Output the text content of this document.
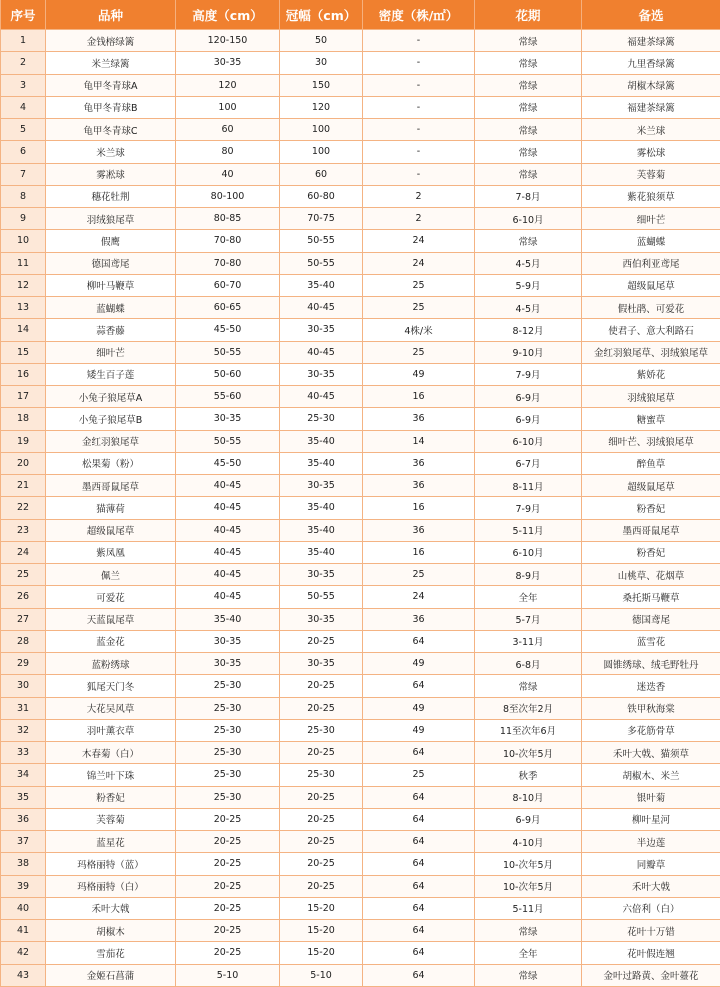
序号	品种	高度（cm）	冠幅（cm）	密度（株/㎡）	花期	备选
1	金钱榕绿篱	120-150	50	-	常绿	福建茶绿篱
2	米兰绿篱	30-35	30	-	常绿	九里香绿篱
3	龟甲冬青球A	120	150	-	常绿	胡椒木绿篱
4	龟甲冬青球B	100	120	-	常绿	福建茶绿篱
5	龟甲冬青球C	60	100	-	常绿	米兰球
6	米兰球	80	100	-	常绿	雾松球
7	雾凇球	40	60	-	常绿	芙蓉菊
8	穗花牡荆	80-100	60-80	2	7-8月	紫花狼须草
9	羽绒狼尾草	80-85	70-75	2	6-10月	细叶芒
10	假鹰	70-80	50-55	24	常绿	蓝蝴蝶
11	德国鸢尾	70-80	50-55	24	4-5月	西伯利亚鸢尾
12	柳叶马鞭草	60-70	35-40	25	5-9月	超级鼠尾草
13	蓝蝴蝶	60-65	40-45	25	4-5月	假杜鹃、可爱花
14	蒜香藤	45-50	30-35	4株/米	8-12月	使君子、意大利路石
15	细叶芒	50-55	40-45	25	9-10月	金红羽狼尾草、羽绒狼尾草
16	矮生百子莲	50-60	30-35	49	7-9月	紫娇花
17	小兔子狼尾草A	55-60	40-45	16	6-9月	羽绒狼尾草
18	小兔子狼尾草B	30-35	25-30	36	6-9月	糖蜜草
19	金红羽狼尾草	50-55	35-40	14	6-10月	细叶芒、羽绒狼尾草
20	松果菊（粉）	45-50	35-40	36	6-7月	醉鱼草
21	墨西哥鼠尾草	40-45	30-35	36	8-11月	超级鼠尾草
22	猫薄荷	40-45	35-40	16	7-9月	粉香妃
23	超级鼠尾草	40-45	35-40	36	5-11月	墨西哥鼠尾草
24	紫凤凰	40-45	35-40	16	6-10月	粉香妃
25	佩兰	40-45	30-35	25	8-9月	山桃草、花烟草
26	可爱花	40-45	50-55	24	全年	桑托斯马鞭草
27	天蓝鼠尾草	35-40	30-35	36	5-7月	德国鸢尾
28	蓝金花	30-35	20-25	64	3-11月	蓝雪花
29	蓝粉绣球	30-35	30-35	49	6-8月	圆锥绣球、绒毛野牡丹
30	狐尾天门冬	25-30	20-25	64	常绿	迷迭香
31	大花吴风草	25-30	20-25	49	8至次年2月	铁甲秋海棠
32	羽叶薰衣草	25-30	25-30	49	11至次年6月	多花筋骨草
33	木春菊（白）	25-30	20-25	64	10-次年5月	禾叶大戟、猫须草
34	锦兰叶下珠	25-30	25-30	25	秋季	胡椒木、米兰
35	粉香妃	25-30	20-25	64	8-10月	银叶菊
36	芙蓉菊	20-25	20-25	64	6-9月	柳叶星河
37	蓝星花	20-25	20-25	64	4-10月	半边莲
38	玛格丽特（蓝）	20-25	20-25	64	10-次年5月	同瓣草
39	玛格丽特（白）	20-25	20-25	64	10-次年5月	禾叶大戟
40	禾叶大戟	20-25	15-20	64	5-11月	六倍利（白）
41	胡椒木	20-25	15-20	64	常绿	花叶十万错
42	雪茄花	20-25	15-20	64	全年	花叶假连翘
43	金姬石菖蒲	5-10	5-10	64	常绿	金叶过路黄、金叶薹花
